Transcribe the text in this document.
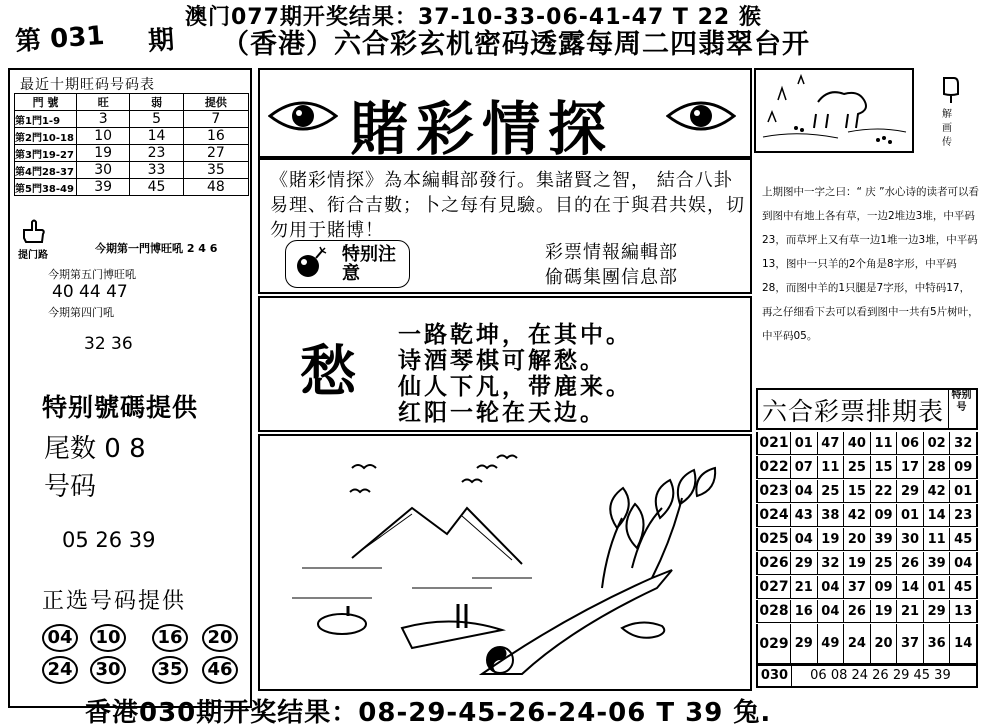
澳门077期开奖结果：37-10-33-06-41-47 T 22 猴
第 031 期 （香港）六合彩玄机密码透露每周二四翡翠台开
最近十期旺码号码表
門 號	旺	弱	提供
第1門1-9	3	5	7
第2門10-18	10	14	16
第3門19-27	19	23	27
第4門28-37	30	33	35
第5門38-49	39	45	48
提门路
今期第一門博旺吼 2 4 6
今期第五门博旺吼
40 44 47
今期第四门吼
32 36
特别號碼提供
尾数 0 8
号码
05 26 39
正选号码提供
04	10	16	20
24	30	35	46
賭彩情探
《賭彩情探》為本編輯部發行。集諸賢之智， 結合八卦易理、衔合吉數；卜之每有見驗。目的在于與君共娱，切勿用于賭博！
特别注意
彩票情報編輯部
偷碼集團信息部
愁
一路乾坤，在其中。
诗酒琴棋可解愁。
仙人下凡，带鹿来。
红阳一轮在天边。
解画传
上期图中一字之曰：“ 庆 ”水心诗的读者可以看到图中有地上各有草，一边2堆边3堆，中平码23，而草坪上又有草一边1堆一边3堆，中平码13，图中一只羊的2个角是8字形，中平码28，而图中羊的1只腿是7字形，中特码17，再之仔细看下去可以看到图中一共有5片树叶，中平码05。
六合彩票排期表
特别号
021 01 47 40 11 06 02 32
022 07 11 25 15 17 28 09
023 04 25 15 22 29 42 01
024 43 38 42 09 01 14 23
025 04 19 20 39 30 11 45
026 29 32 19 25 26 39 04
027 21 04 37 09 14 01 45
028 16 04 26 19 21 29 13
029 29 49 24 20 37 36 14
030 06 08 24 26 29 45 39
香港030期开奖结果：08-29-45-26-24-06 T 39 兔.
